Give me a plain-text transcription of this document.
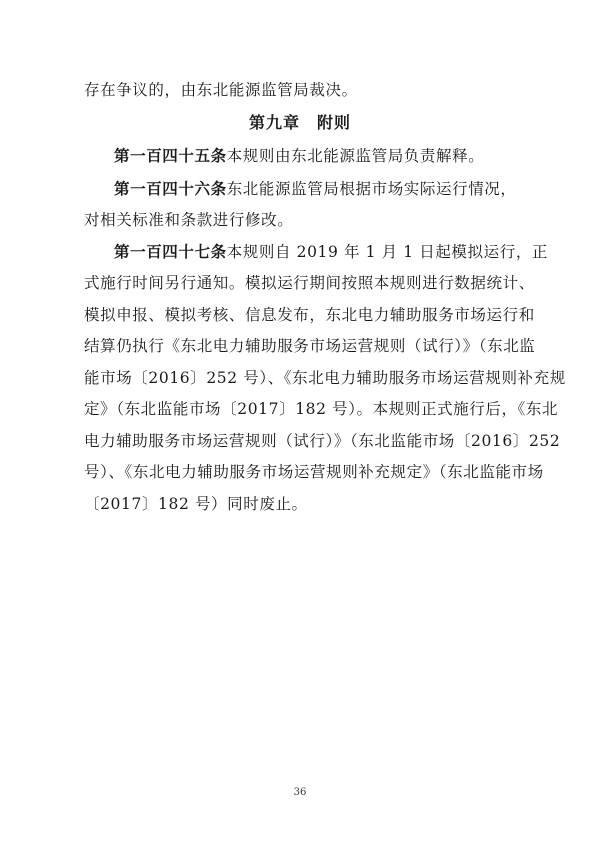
存在争议的，由东北能源监管局裁决。
第九章　附则
第一百四十五条本规则由东北能源监管局负责解释。
第一百四十六条东北能源监管局根据市场实际运行情况，
对相关标准和条款进行修改。
第一百四十七条本规则自 2019 年 1 月 1 日起模拟运行，正
式施行时间另行通知。模拟运行期间按照本规则进行数据统计、
模拟申报、模拟考核、信息发布，东北电力辅助服务市场运行和
结算仍执行《东北电力辅助服务市场运营规则（试行）》（东北监
能市场〔2016〕252 号）、《东北电力辅助服务市场运营规则补充规
定》（东北监能市场〔2017〕182 号）。本规则正式施行后，《东北
电力辅助服务市场运营规则（试行）》（东北监能市场〔2016〕252
号）、《东北电力辅助服务市场运营规则补充规定》（东北监能市场
〔2017〕182 号）同时废止。
36
